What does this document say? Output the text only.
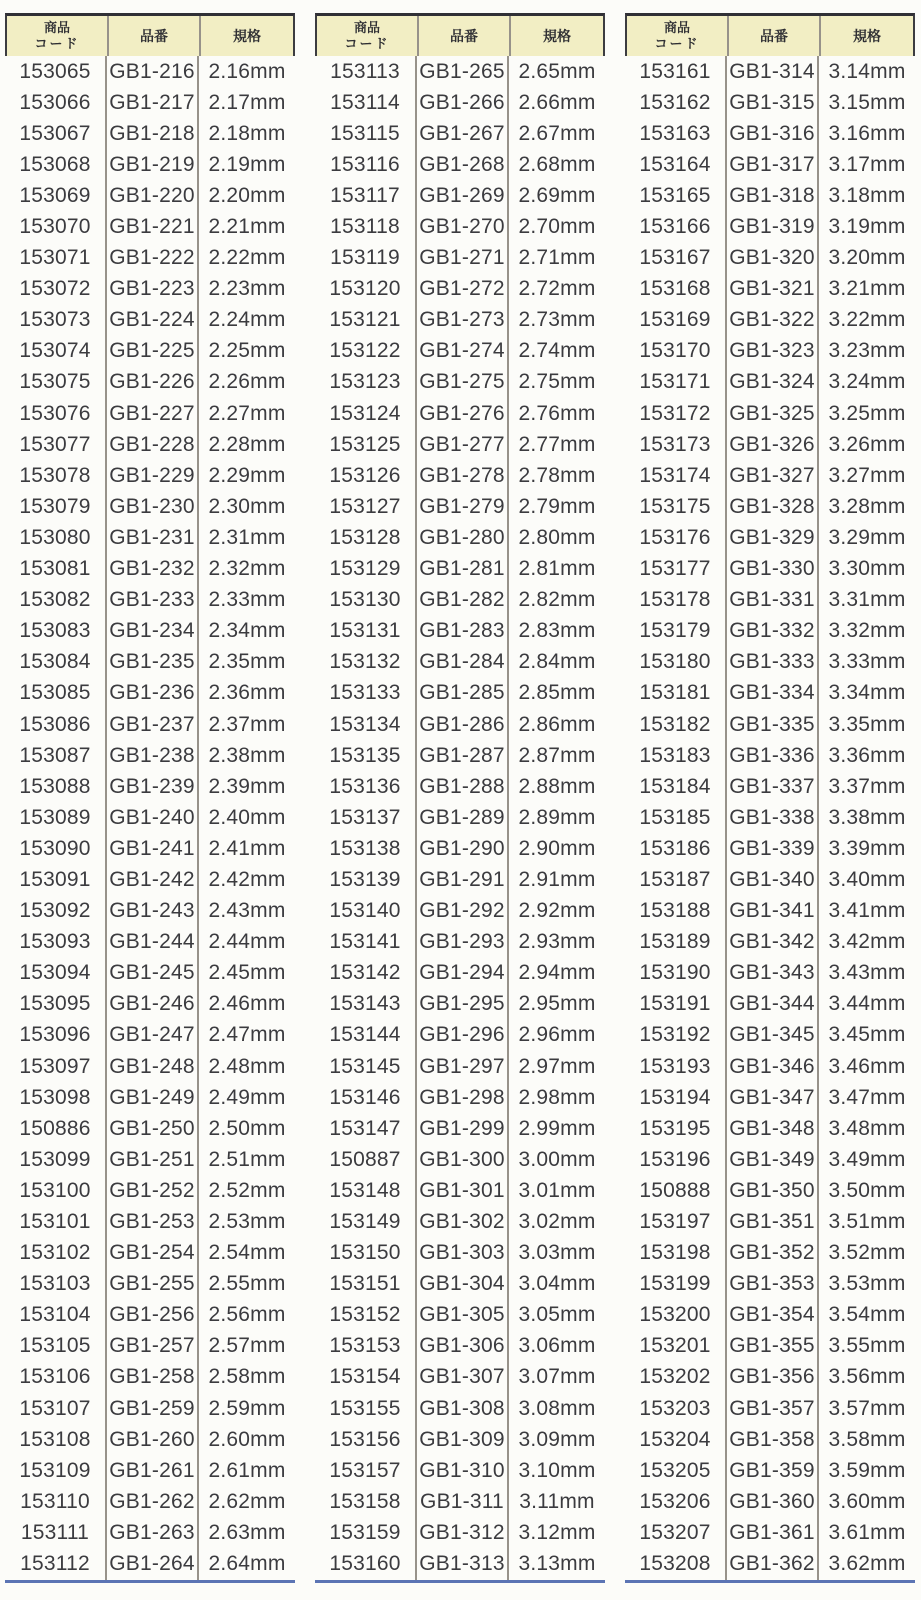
商品
コード	品番	規格
153065 GB1-216 2.16mm
153066 GB1-217 2.17mm
153067 GB1-218 2.18mm
153068 GB1-219 2.19mm
153069 GB1-220 2.20mm
153070 GB1-221 2.21mm
153071 GB1-222 2.22mm
153072 GB1-223 2.23mm
153073 GB1-224 2.24mm
153074 GB1-225 2.25mm
153075 GB1-226 2.26mm
153076 GB1-227 2.27mm
153077 GB1-228 2.28mm
153078 GB1-229 2.29mm
153079 GB1-230 2.30mm
153080 GB1-231 2.31mm
153081 GB1-232 2.32mm
153082 GB1-233 2.33mm
153083 GB1-234 2.34mm
153084 GB1-235 2.35mm
153085 GB1-236 2.36mm
153086 GB1-237 2.37mm
153087 GB1-238 2.38mm
153088 GB1-239 2.39mm
153089 GB1-240 2.40mm
153090 GB1-241 2.41mm
153091 GB1-242 2.42mm
153092 GB1-243 2.43mm
153093 GB1-244 2.44mm
153094 GB1-245 2.45mm
153095 GB1-246 2.46mm
153096 GB1-247 2.47mm
153097 GB1-248 2.48mm
153098 GB1-249 2.49mm
150886 GB1-250 2.50mm
153099 GB1-251 2.51mm
153100 GB1-252 2.52mm
153101 GB1-253 2.53mm
153102 GB1-254 2.54mm
153103 GB1-255 2.55mm
153104 GB1-256 2.56mm
153105 GB1-257 2.57mm
153106 GB1-258 2.58mm
153107 GB1-259 2.59mm
153108 GB1-260 2.60mm
153109 GB1-261 2.61mm
153110 GB1-262 2.62mm
153111 GB1-263 2.63mm
153112 GB1-264 2.64mm
商品
コード	品番	規格
153113 GB1-265 2.65mm
153114 GB1-266 2.66mm
153115 GB1-267 2.67mm
153116 GB1-268 2.68mm
153117 GB1-269 2.69mm
153118 GB1-270 2.70mm
153119 GB1-271 2.71mm
153120 GB1-272 2.72mm
153121 GB1-273 2.73mm
153122 GB1-274 2.74mm
153123 GB1-275 2.75mm
153124 GB1-276 2.76mm
153125 GB1-277 2.77mm
153126 GB1-278 2.78mm
153127 GB1-279 2.79mm
153128 GB1-280 2.80mm
153129 GB1-281 2.81mm
153130 GB1-282 2.82mm
153131 GB1-283 2.83mm
153132 GB1-284 2.84mm
153133 GB1-285 2.85mm
153134 GB1-286 2.86mm
153135 GB1-287 2.87mm
153136 GB1-288 2.88mm
153137 GB1-289 2.89mm
153138 GB1-290 2.90mm
153139 GB1-291 2.91mm
153140 GB1-292 2.92mm
153141 GB1-293 2.93mm
153142 GB1-294 2.94mm
153143 GB1-295 2.95mm
153144 GB1-296 2.96mm
153145 GB1-297 2.97mm
153146 GB1-298 2.98mm
153147 GB1-299 2.99mm
150887 GB1-300 3.00mm
153148 GB1-301 3.01mm
153149 GB1-302 3.02mm
153150 GB1-303 3.03mm
153151 GB1-304 3.04mm
153152 GB1-305 3.05mm
153153 GB1-306 3.06mm
153154 GB1-307 3.07mm
153155 GB1-308 3.08mm
153156 GB1-309 3.09mm
153157 GB1-310 3.10mm
153158 GB1-311 3.11mm
153159 GB1-312 3.12mm
153160 GB1-313 3.13mm
商品
コード	品番	規格
153161 GB1-314 3.14mm
153162 GB1-315 3.15mm
153163 GB1-316 3.16mm
153164 GB1-317 3.17mm
153165 GB1-318 3.18mm
153166 GB1-319 3.19mm
153167 GB1-320 3.20mm
153168 GB1-321 3.21mm
153169 GB1-322 3.22mm
153170 GB1-323 3.23mm
153171 GB1-324 3.24mm
153172 GB1-325 3.25mm
153173 GB1-326 3.26mm
153174 GB1-327 3.27mm
153175 GB1-328 3.28mm
153176 GB1-329 3.29mm
153177 GB1-330 3.30mm
153178 GB1-331 3.31mm
153179 GB1-332 3.32mm
153180 GB1-333 3.33mm
153181 GB1-334 3.34mm
153182 GB1-335 3.35mm
153183 GB1-336 3.36mm
153184 GB1-337 3.37mm
153185 GB1-338 3.38mm
153186 GB1-339 3.39mm
153187 GB1-340 3.40mm
153188 GB1-341 3.41mm
153189 GB1-342 3.42mm
153190 GB1-343 3.43mm
153191 GB1-344 3.44mm
153192 GB1-345 3.45mm
153193 GB1-346 3.46mm
153194 GB1-347 3.47mm
153195 GB1-348 3.48mm
153196 GB1-349 3.49mm
150888 GB1-350 3.50mm
153197 GB1-351 3.51mm
153198 GB1-352 3.52mm
153199 GB1-353 3.53mm
153200 GB1-354 3.54mm
153201 GB1-355 3.55mm
153202 GB1-356 3.56mm
153203 GB1-357 3.57mm
153204 GB1-358 3.58mm
153205 GB1-359 3.59mm
153206 GB1-360 3.60mm
153207 GB1-361 3.61mm
153208 GB1-362 3.62mm
